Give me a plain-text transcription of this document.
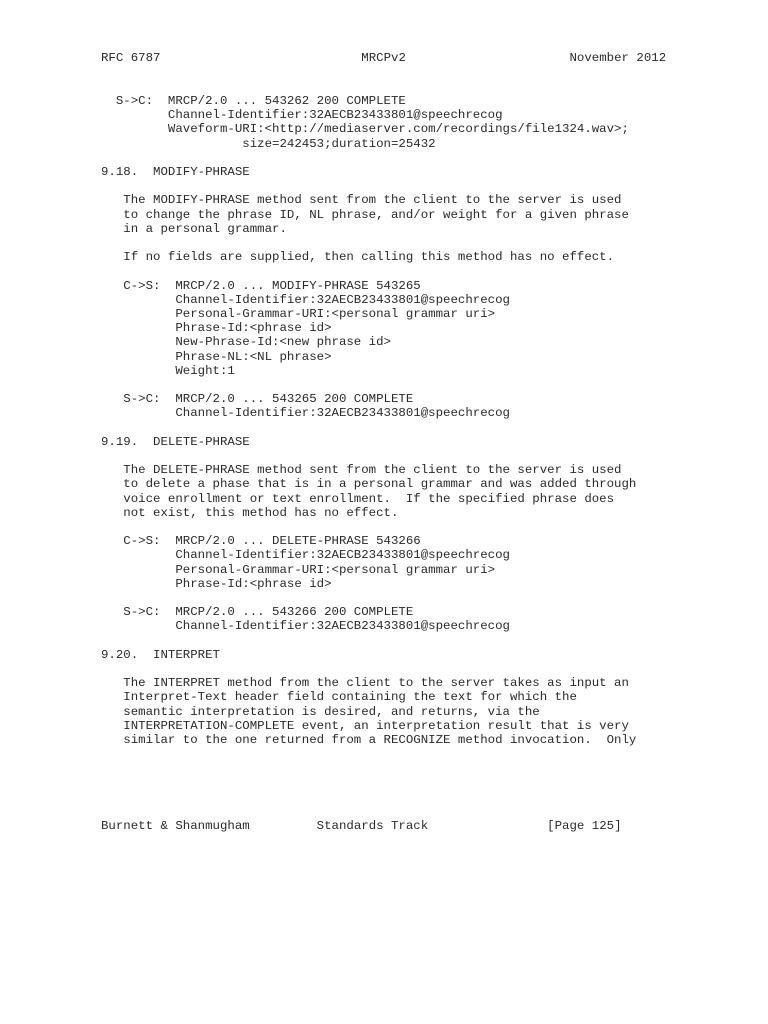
RFC 6787	MRCPv2	November 2012
S->C:  MRCP/2.0 ... 543262 200 COMPLETE
Channel-Identifier:32AECB23433801@speechrecog
Waveform-URI:<http://mediaserver.com/recordings/file1324.wav>;
size=242453;duration=25432
9.18.  MODIFY-PHRASE
The MODIFY-PHRASE method sent from the client to the server is used
to change the phrase ID, NL phrase, and/or weight for a given phrase
in a personal grammar.
If no fields are supplied, then calling this method has no effect.
C->S:  MRCP/2.0 ... MODIFY-PHRASE 543265
Channel-Identifier:32AECB23433801@speechrecog
Personal-Grammar-URI:<personal grammar uri>
Phrase-Id:<phrase id>
New-Phrase-Id:<new phrase id>
Phrase-NL:<NL phrase>
Weight:1
S->C:  MRCP/2.0 ... 543265 200 COMPLETE
Channel-Identifier:32AECB23433801@speechrecog
9.19.  DELETE-PHRASE
The DELETE-PHRASE method sent from the client to the server is used
to delete a phase that is in a personal grammar and was added through
voice enrollment or text enrollment.  If the specified phrase does
not exist, this method has no effect.
C->S:  MRCP/2.0 ... DELETE-PHRASE 543266
Channel-Identifier:32AECB23433801@speechrecog
Personal-Grammar-URI:<personal grammar uri>
Phrase-Id:<phrase id>
S->C:  MRCP/2.0 ... 543266 200 COMPLETE
Channel-Identifier:32AECB23433801@speechrecog
9.20.  INTERPRET
The INTERPRET method from the client to the server takes as input an
Interpret-Text header field containing the text for which the
semantic interpretation is desired, and returns, via the
INTERPRETATION-COMPLETE event, an interpretation result that is very
similar to the one returned from a RECOGNIZE method invocation.  Only
Burnett & Shanmugham	Standards Track	[Page 125]
